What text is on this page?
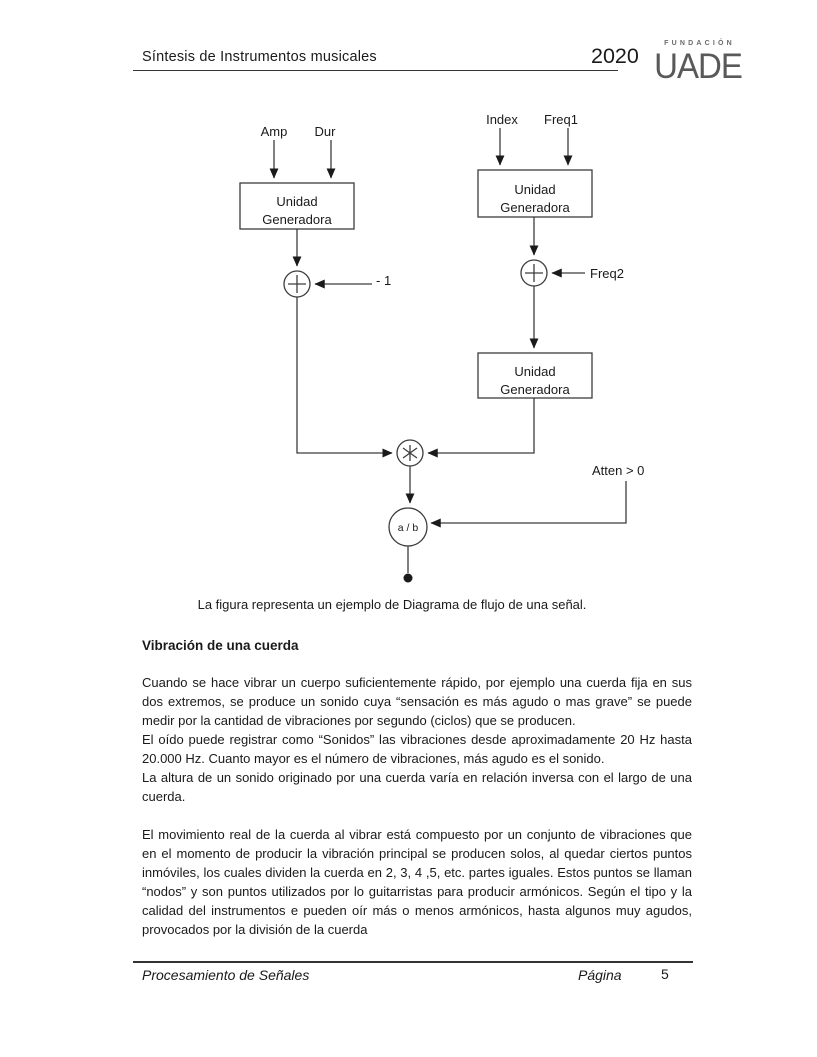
Síntesis de Instrumentos musicales	2020
FUNDACIÓN
UADE
Amp Dur
Index Freq1
- 1	Freq2
Atten > 0
a / b
Unidad
Generadora
Unidad
Generadora
Unidad
Generadora
La figura representa un ejemplo de Diagrama de flujo de una señal.
Vibración de una cuerda

Cuando se hace vibrar un cuerpo suficientemente rápido, por ejemplo una cuerda fija en sus dos extremos, se produce un sonido cuya “sensación es más agudo o mas grave” se puede medir por la cantidad de vibraciones por segundo (ciclos) que se producen.

El oído puede registrar como “Sonidos” las vibraciones desde aproximadamente 20 Hz hasta 20.000 Hz. Cuanto mayor es el número de vibraciones, más agudo es el sonido.

La altura de un sonido originado por una cuerda varía en relación inversa con el largo de una cuerda.

El movimiento real de la cuerda al vibrar está compuesto por un conjunto de vibraciones que en el momento de producir la vibración principal se producen solos, al quedar ciertos puntos inmóviles, los cuales dividen la cuerda en 2, 3, 4 ,5, etc. partes iguales. Estos puntos se llaman “nodos” y son puntos utilizados por lo guitarristas para producir armónicos. Según el tipo y la calidad del instrumentos e pueden oír más o menos armónicos, hasta algunos muy agudos, provocados por la división de la cuerda

Procesamiento de Señales	Página	5
